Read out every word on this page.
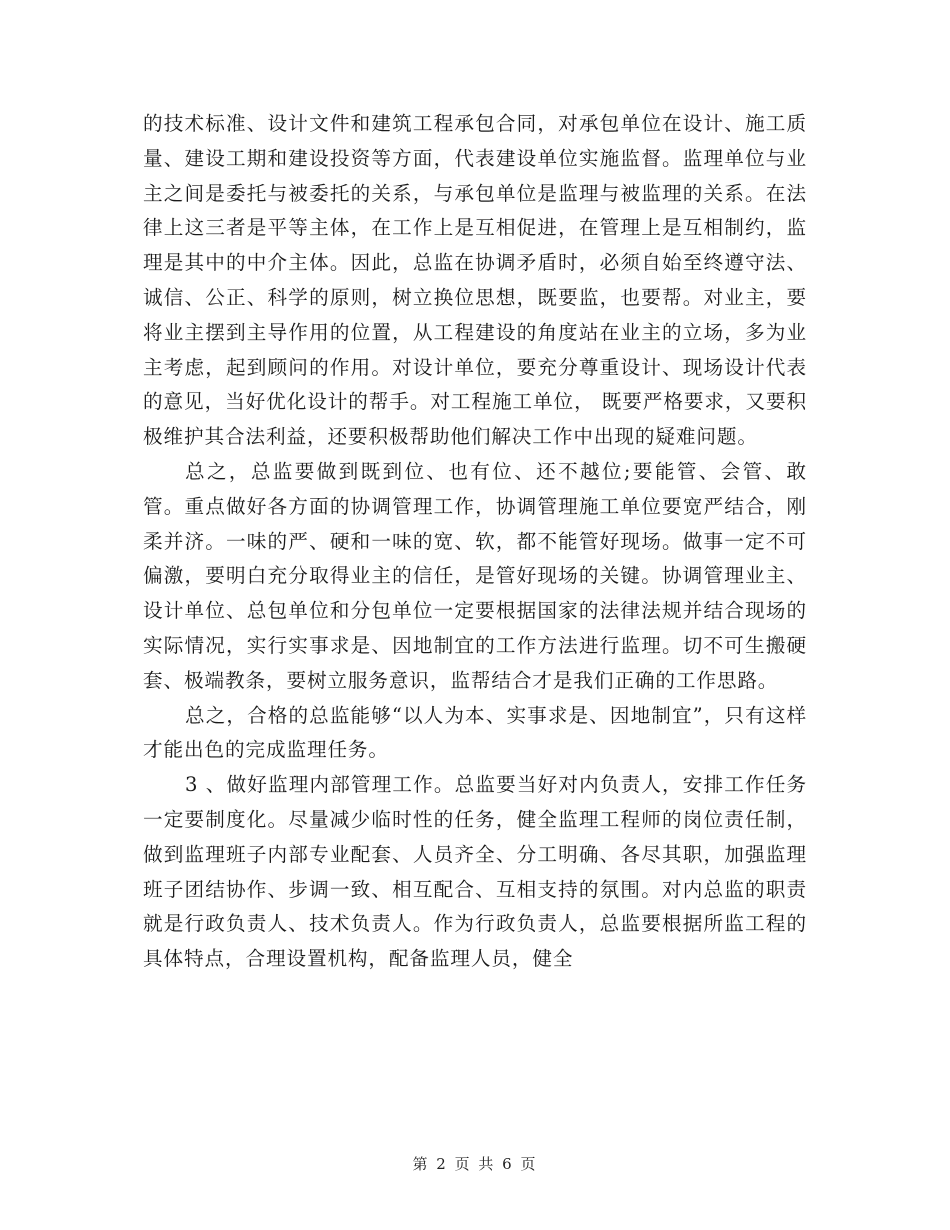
的技术标准、设计文件和建筑工程承包合同，对承包单位在设计、施工质量、建设工期和建设投资等方面，代表建设单位实施监督。监理单位与业主之间是委托与被委托的关系，与承包单位是监理与被监理的关系。在法律上这三者是平等主体，在工作上是互相促进，在管理上是互相制约，监理是其中的中介主体。因此，总监在协调矛盾时，必须自始至终遵守法、诚信、公正、科学的原则，树立换位思想，既要监，也要帮。对业主，要将业主摆到主导作用的位置，从工程建设的角度站在业主的立场，多为业主考虑，起到顾问的作用。对设计单位，要充分尊重设计、现场设计代表的意见，当好优化设计的帮手。对工程施工单位， 既要严格要求，又要积极维护其合法利益，还要积极帮助他们解决工作中出现的疑难问题。

总之，总监要做到既到位、也有位、还不越位;要能管、会管、敢管。重点做好各方面的协调管理工作，协调管理施工单位要宽严结合，刚柔并济。一味的严、硬和一味的宽、软，都不能管好现场。做事一定不可偏激，要明白充分取得业主的信任，是管好现场的关键。协调管理业主、设计单位、总包单位和分包单位一定要根据国家的法律法规并结合现场的实际情况，实行实事求是、因地制宜的工作方法进行监理。切不可生搬硬套、极端教条，要树立服务意识，监帮结合才是我们正确的工作思路。

总之，合格的总监能够“以人为本、实事求是、因地制宜”，只有这样才能出色的完成监理任务。

3 、做好监理内部管理工作。总监要当好对内负责人，安排工作任务一定要制度化。尽量减少临时性的任务，健全监理工程师的岗位责任制，做到监理班子内部专业配套、人员齐全、分工明确、各尽其职，加强监理班子团结协作、步调一致、相互配合、互相支持的氛围。对内总监的职责就是行政负责人、技术负责人。作为行政负责人，总监要根据所监工程的具体特点，合理设置机构，配备监理人员，健全

第 2 页 共 6 页
